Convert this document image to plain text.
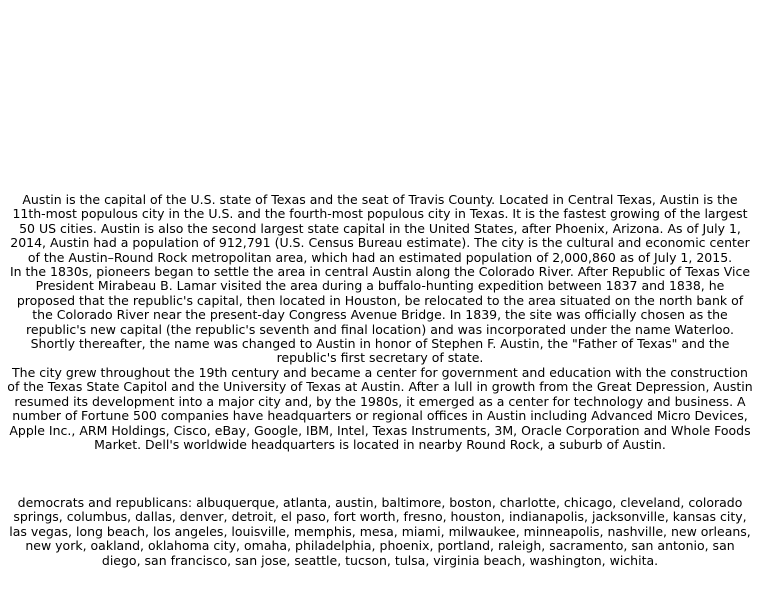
Austin is the capital of the U.S. state of Texas and the seat of Travis County. Located in Central Texas, Austin is the 11th-most populous city in the U.S. and the fourth-most populous city in Texas. It is the fastest growing of the largest 50 US cities. Austin is also the second largest state capital in the United States, after Phoenix, Arizona. As of July 1, 2014, Austin had a population of 912,791 (U.S. Census Bureau estimate). The city is the cultural and economic center of the Austin–Round Rock metropolitan area, which had an estimated population of 2,000,860 as of July 1, 2015.

In the 1830s, pioneers began to settle the area in central Austin along the Colorado River. After Republic of Texas Vice President Mirabeau B. Lamar visited the area during a buffalo-hunting expedition between 1837 and 1838, he proposed that the republic's capital, then located in Houston, be relocated to the area situated on the north bank of the Colorado River near the present-day Congress Avenue Bridge. In 1839, the site was officially chosen as the republic's new capital (the republic's seventh and final location) and was incorporated under the name Waterloo. Shortly thereafter, the name was changed to Austin in honor of Stephen F. Austin, the "Father of Texas" and the republic's first secretary of state.

The city grew throughout the 19th century and became a center for government and education with the construction of the Texas State Capitol and the University of Texas at Austin. After a lull in growth from the Great Depression, Austin resumed its development into a major city and, by the 1980s, it emerged as a center for technology and business. A number of Fortune 500 companies have headquarters or regional offices in Austin including Advanced Micro Devices, Apple Inc., ARM Holdings, Cisco, eBay, Google, IBM, Intel, Texas Instruments, 3M, Oracle Corporation and Whole Foods Market. Dell's worldwide headquarters is located in nearby Round Rock, a suburb of Austin.

democrats and republicans: albuquerque, atlanta, austin, baltimore, boston, charlotte, chicago, cleveland, colorado springs, columbus, dallas, denver, detroit, el paso, fort worth, fresno, houston, indianapolis, jacksonville, kansas city, las vegas, long beach, los angeles, louisville, memphis, mesa, miami, milwaukee, minneapolis, nashville, new orleans, new york, oakland, oklahoma city, omaha, philadelphia, phoenix, portland, raleigh, sacramento, san antonio, san diego, san francisco, san jose, seattle, tucson, tulsa, virginia beach, washington, wichita.
